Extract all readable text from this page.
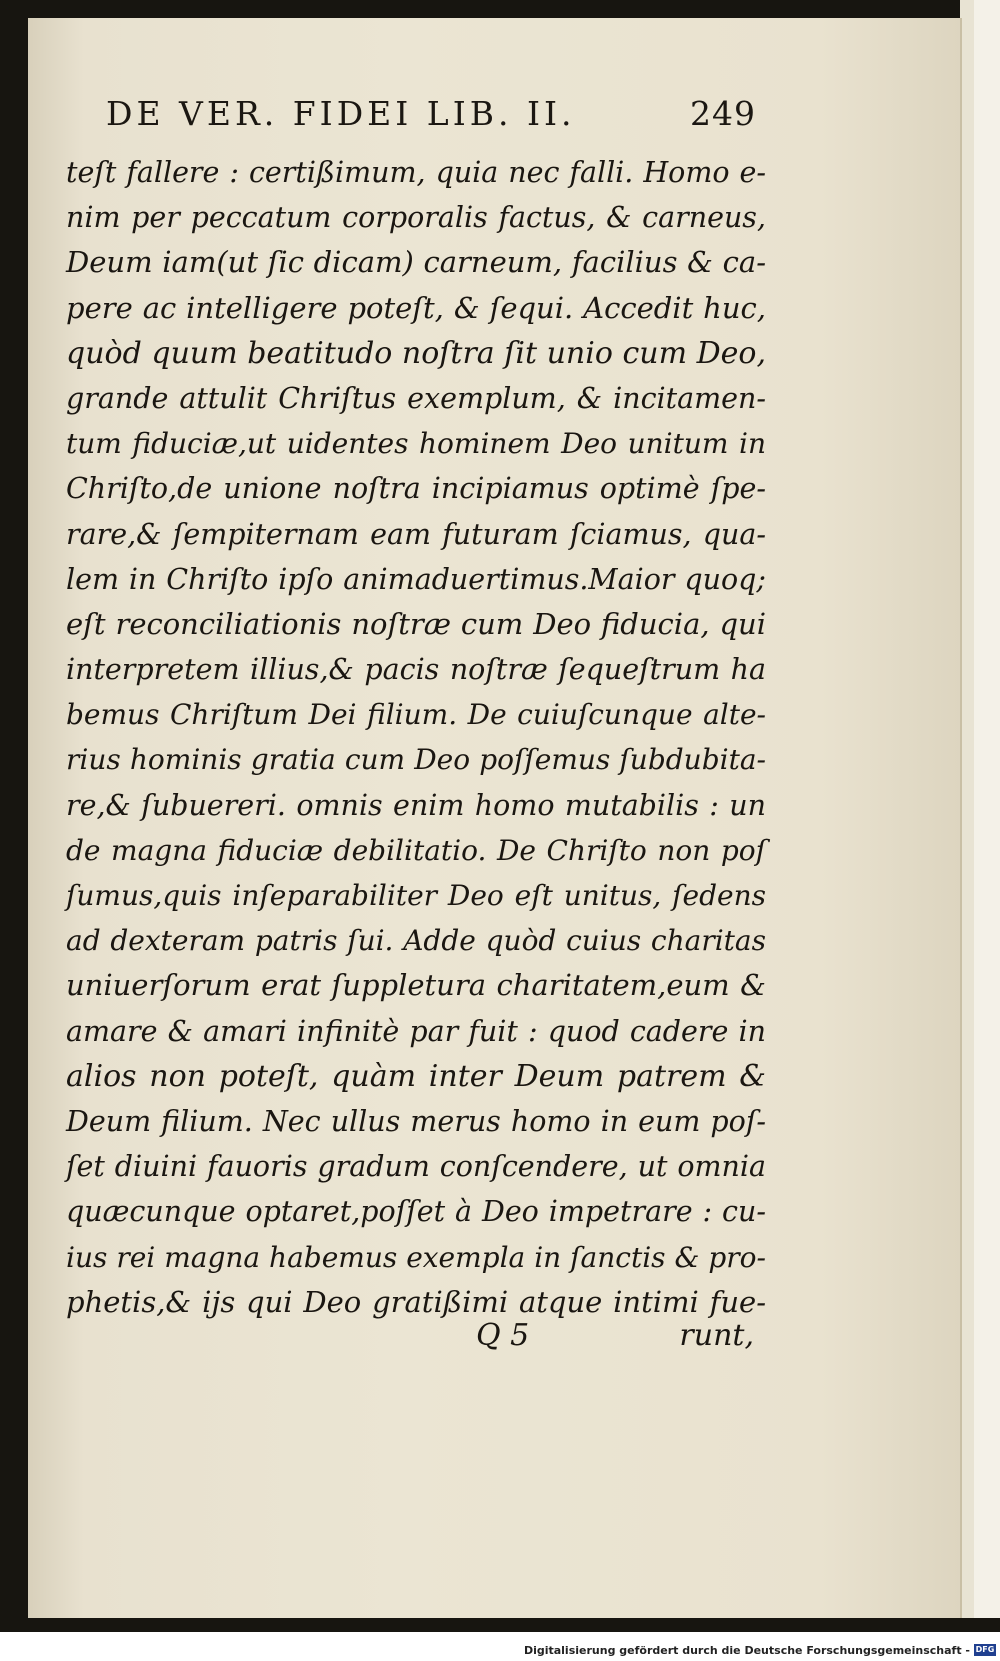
DE VER. FIDEI LIB. II.	249
teſt fallere : certißimum, quia nec falli. Homo e-
nim per peccatum corporalis factus, & carneus,
Deum iam(ut ſic dicam) carneum, facilius & ca-
pere ac intelligere poteſt, & ſequi. Accedit huc,
quòd quum beatitudo noſtra ſit unio cum Deo,
grande attulit Chriſtus exemplum, & incitamen-
tum fiduciæ,ut uidentes hominem Deo unitum in
Chriſto,de unione noſtra incipiamus optimè ſpe-
rare,& ſempiternam eam futuram ſciamus, qua-
lem in Chriſto ipſo animaduertimus.Maior quoq;
eſt reconciliationis noſtræ cum Deo fiducia, qui
interpretem illius,& pacis noſtræ ſequeſtrum ha
bemus Chriſtum Dei filium. De cuiuſcunque alte-
rius hominis gratia cum Deo poſſemus ſubdubita-
re,& ſubuereri. omnis enim homo mutabilis : un
de magna fiduciæ debilitatio. De Chriſto non poſ
ſumus,quis inſeparabiliter Deo eſt unitus, ſedens
ad dexteram patris ſui. Adde quòd cuius charitas
uniuerſorum erat ſuppletura charitatem,eum &
amare & amari infinitè par fuit : quod cadere in
alios non poteſt, quàm inter Deum patrem &
Deum filium. Nec ullus merus homo in eum poſ-
ſet diuini fauoris gradum conſcendere, ut omnia
quæcunque optaret,poſſet à Deo impetrare : cu-
ius rei magna habemus exempla in ſanctis & pro-
phetis,& ijs qui Deo gratißimi atque intimi fue-
Q 5	runt,
Digitalisierung gefördert durch die Deutsche Forschungsgemeinschaft - DFG
